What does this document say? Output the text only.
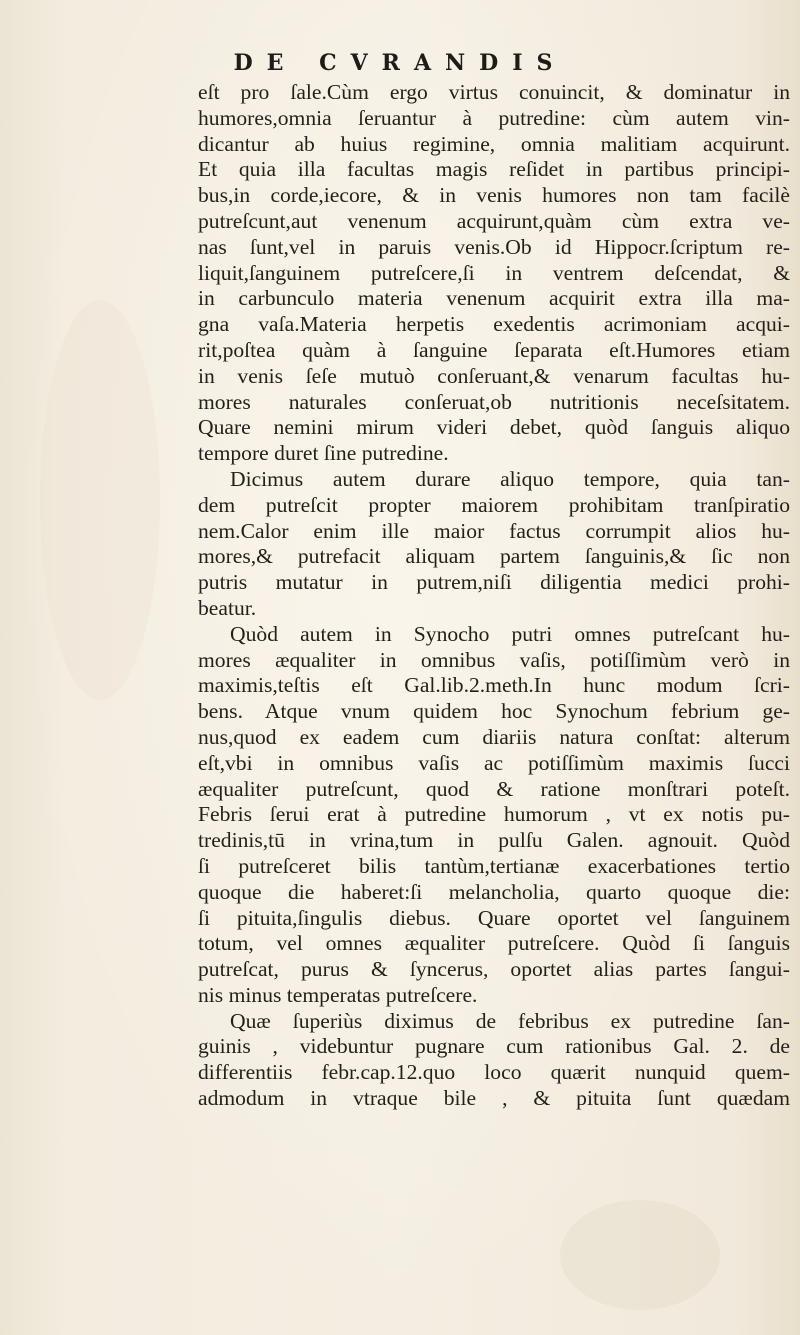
DE CVRANDIS
eſt pro ſale.Cùm ergo virtus conuincit, & dominatur in
humores,omnia ſeruantur à putredine: cùm autem vin-
dicantur ab huius regimine, omnia malitiam acquirunt.
Et quia illa facultas magis reſidet in partibus principi-
bus,in corde,iecore, & in venis humores non tam facilè
putreſcunt,aut venenum acquirunt,quàm cùm extra ve-
nas ſunt,vel in paruis venis.Ob id Hippocr.ſcriptum re-
liquit,ſanguinem putreſcere,ſi in ventrem deſcendat, &
in carbunculo materia venenum acquirit extra illa ma-
gna vaſa.Materia herpetis exedentis acrimoniam acqui-
rit,poſtea quàm à ſanguine ſeparata eſt.Humores etiam
in venis ſeſe mutuò conſeruant,& venarum facultas hu-
mores naturales conſeruat,ob nutritionis neceſsitatem.
Quare nemini mirum videri debet, quòd ſanguis aliquo
tempore duret ſine putredine.
Dicimus autem durare aliquo tempore, quia tan-
dem putreſcit propter maiorem prohibitam tranſpiratio
nem.Calor enim ille maior factus corrumpit alios hu-
mores,& putrefacit aliquam partem ſanguinis,& ſic non
putris mutatur in putrem,niſi diligentia medici prohi-
beatur.
Quòd autem in Synocho putri omnes putreſcant hu-
mores æqualiter in omnibus vaſis, potiſſimùm verò in
maximis,teſtis eſt Gal.lib.2.meth.In hunc modum ſcri-
bens. Atque vnum quidem hoc Synochum febrium ge-
nus,quod ex eadem cum diariis natura conſtat: alterum
eſt,vbi in omnibus vaſis ac potiſſimùm maximis ſucci
æqualiter putreſcunt, quod & ratione monſtrari poteſt.
Febris ſerui erat à putredine humorum , vt ex notis pu-
tredinis,tū in vrina,tum in pulſu Galen. agnouit. Quòd
ſi putreſceret bilis tantùm,tertianæ exacerbationes tertio
quoque die haberet:ſi melancholia, quarto quoque die:
ſi pituita,ſingulis diebus. Quare oportet vel ſanguinem
totum, vel omnes æqualiter putreſcere. Quòd ſi ſanguis
putreſcat, purus & ſyncerus, oportet alias partes ſangui-
nis minus temperatas putreſcere.
Quæ ſuperiùs diximus de febribus ex putredine ſan-
guinis , videbuntur pugnare cum rationibus Gal. 2. de
differentiis febr.cap.12.quo loco quærit nunquid quem-
admodum in vtraque bile , & pituita ſunt quædam
